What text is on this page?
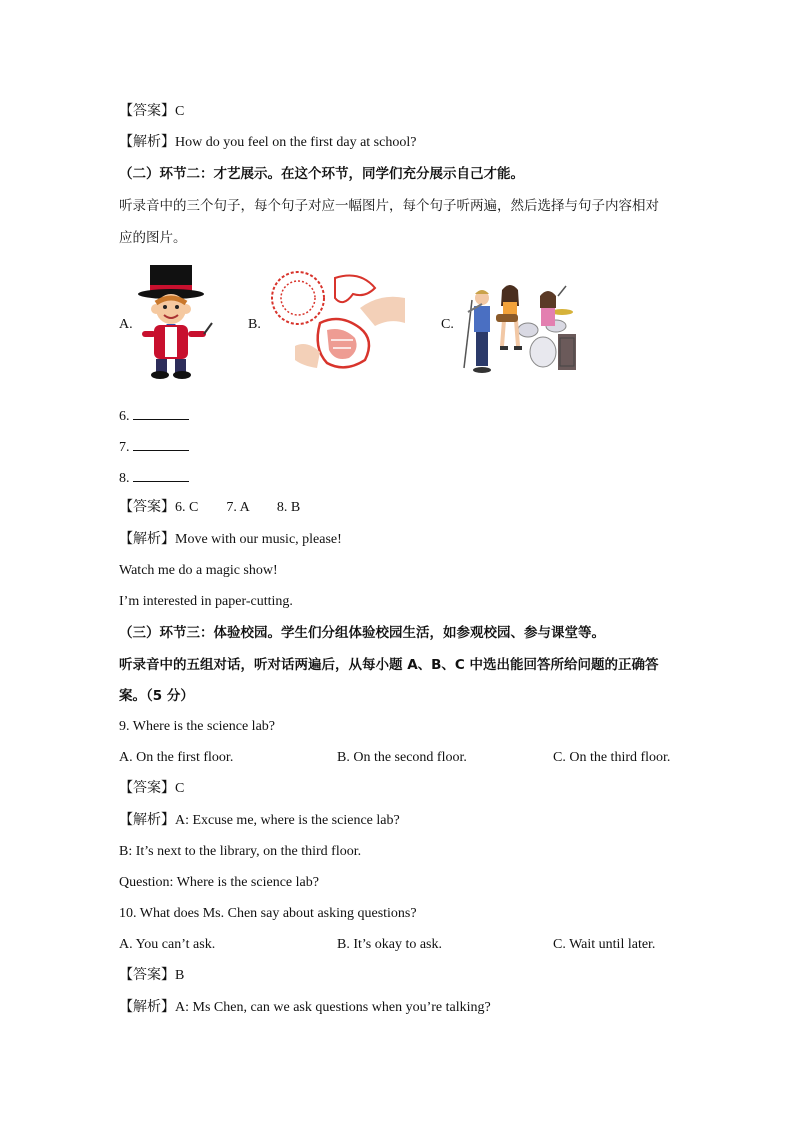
【答案】C
【解析】How do you feel on the first day at school?
（二）环节二：才艺展示。在这个环节，同学们充分展示自己才能。
听录音中的三个句子，每个句子对应一幅图片，每个句子听两遍，然后选择与句子内容相对
应的图片。
A.	B.	C.
6.
7.
8.
【答案】6. C　　7. A　　8. B
【解析】Move with our music, please!
Watch me do a magic show!
I’m interested in paper-cutting.
（三）环节三：体验校园。学生们分组体验校园生活，如参观校园、参与课堂等。
听录音中的五组对话，听对话两遍后，从每小题 A、B、C 中选出能回答所给问题的正确答
案。（5 分）
9. Where is the science lab?
A. On the first floor.	B. On the second floor.	C. On the third floor.
【答案】C
【解析】A: Excuse me, where is the science lab?
B: It’s next to the library, on the third floor.
Question: Where is the science lab?
10. What does Ms. Chen say about asking questions?
A. You can’t ask.	B. It’s okay to ask.	C. Wait until later.
【答案】B
【解析】A: Ms Chen, can we ask questions when you’re talking?
